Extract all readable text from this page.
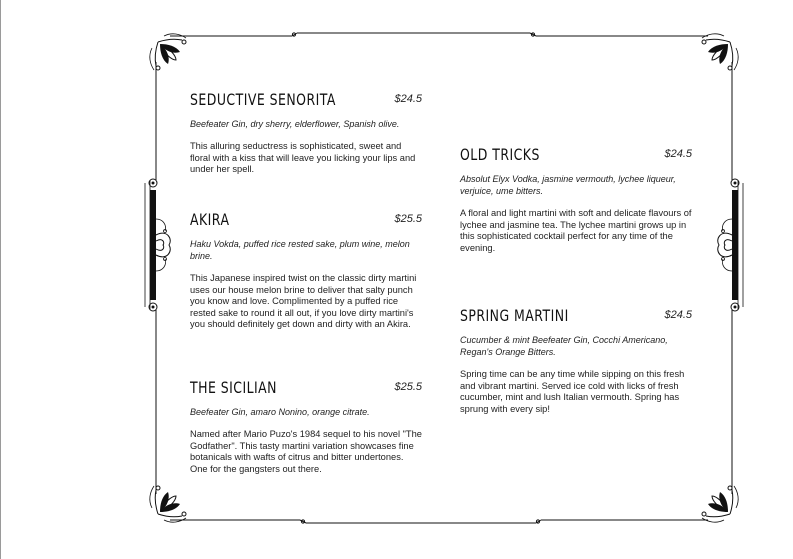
SEDUCTIVE SENORITA	$24.5
Beefeater Gin, dry sherry, elderflower, Spanish olive.
This alluring seductress is sophisticated, sweet and floral with a kiss that will leave you licking your lips and under her spell.
AKIRA	$25.5
Haku Vokda, puffed rice rested sake, plum wine, melon brine.
This Japanese inspired twist on the classic dirty martini uses our house melon brine to deliver that salty punch you know and love. Complimented by a puffed rice rested sake to round it all out, if you love dirty martini's you should definitely get down and dirty with an Akira.
THE SICILIAN	$25.5
Beefeater Gin, amaro Nonino, orange citrate.
Named after Mario Puzo's 1984 sequel to his novel "The Godfather". This tasty martini variation showcases fine botanicals with wafts of citrus and bitter undertones. One for the gangsters out there.
OLD TRICKS	$24.5
Absolut Elyx Vodka, jasmine vermouth, lychee liqueur, verjuice, ume bitters.
A floral and light martini with soft and delicate flavours of lychee and jasmine tea. The lychee martini grows up in this sophisticated cocktail perfect for any time of the evening.
SPRING MARTINI	$24.5
Cucumber & mint Beefeater Gin, Cocchi Americano, Regan's Orange Bitters.
Spring time can be any time while sipping on this fresh and vibrant martini. Served ice cold with licks of fresh cucumber, mint and lush Italian vermouth. Spring has sprung with every sip!
